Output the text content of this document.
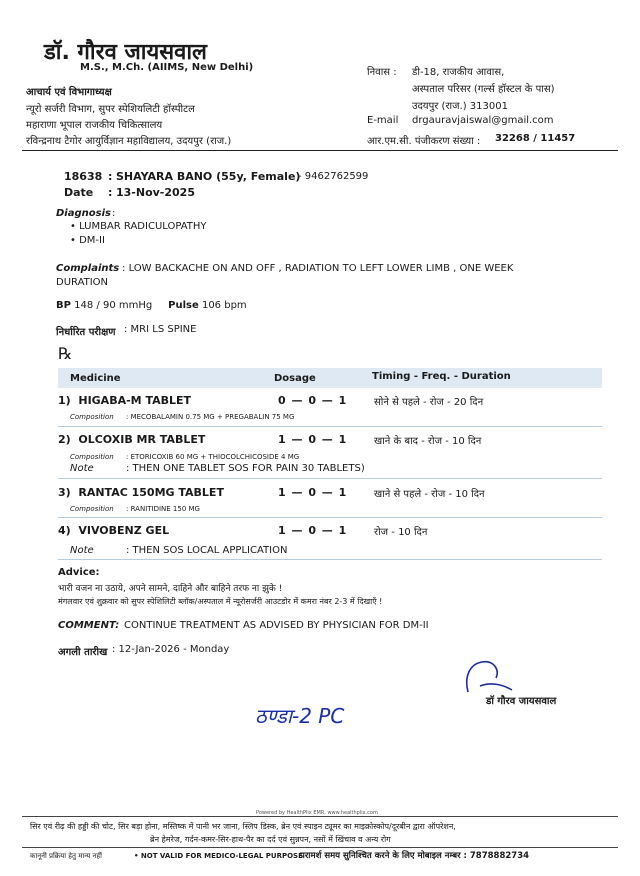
डॉ. गौरव जायसवाल
M.S., M.Ch. (AIIMS, New Delhi)
आचार्य एवं विभागाध्यक्ष
न्यूरो सर्जरी विभाग, सुपर स्पेशियलिटी हॉस्पीटल
महाराणा भूपाल राजकीय चिकित्सालय
रविन्द्रनाथ टैगोर आयुर्विज्ञान महाविद्यालय, उदयपुर (राज.)
निवास : डी-18, राजकीय आवास,
अस्पताल परिसर (गर्ल्स हॉस्टल के पास)
उदयपुर (राज.) 313001
E-mail drgauravjaiswal@gmail.com
आर.एम.सी. पंजीकरण संख्या : 32268 / 11457
18638 : SHAYARA BANO (55y, Female)
- 9462762599
Date : 13-Nov-2025
Diagnosis :
• LUMBAR RADICULOPATHY
• DM-II
Complaints : LOW BACKACHE ON AND OFF , RADIATION TO LEFT LOWER LIMB , ONE WEEK
DURATION
BP 148 / 90 mmHg Pulse 106 bpm
निर्धारित परीक्षण : MRI LS SPINE
℞
Medicine	Dosage	Timing - Freq. - Duration
1) HIGABA-M TABLET	0 — 0 — 1	सोने से पहले - रोज - 20 दिन
Composition : MECOBALAMIN 0.75 MG + PREGABALIN 75 MG
2) OLCOXIB MR TABLET	1 — 0 — 1	खाने के बाद - रोज - 10 दिन
Composition : ETORICOXIB 60 MG + THIOCOLCHICOSIDE 4 MG
Note	: THEN ONE TABLET SOS FOR PAIN 30 TABLETS)
3) RANTAC 150MG TABLET	1 — 0 — 1	खाने से पहले - रोज - 10 दिन
Composition : RANITIDINE 150 MG
4) VIVOBENZ GEL	1 — 0 — 1	रोज - 10 दिन
Note	: THEN SOS LOCAL APPLICATION
Advice:
भारी वजन ना उठाये, अपने सामने, दाहिने और बाहिने तरफ ना झुके !
मंगलवार एवं शुक्रवार को सुपर स्पेशिलिटी ब्लॉक/अस्पताल में न्यूरोसर्जरी आउटडोर में कमरा नंबर 2-3 में दिखाएँ !
COMMENT: CONTINUE TREATMENT AS ADVISED BY PHYSICIAN FOR DM-II
अगली तारीख : 12-Jan-2026 - Monday
डॉ गौरव जायसवाल
ठण्डा-2 PC
Powered by HealthPlix EMR, www.healthplix.com
सिर एवं रीढ़ की हड्डी की चोट, सिर बड़ा होना, मस्तिष्क में पानी भर जाना, स्लिप डिस्क, ब्रेन एवं स्पाइन ट्यूमर का माइक्रोस्कोप/दूरबीन द्वारा ऑपरेशन,
ब्रेन हेमरेज, गर्दन-कमर-सिर-हाथ-पैर का दर्द एवं सुन्नपन, नसों में खिंचाव व अन्य रोग
कानूनी प्रक्रिया हेतु मान्य नहीं	• NOT VALID FOR MEDICO-LEGAL PURPOSE
परामर्श समय सुनिश्चित करने के लिए मोबाइल नम्बर : 7878882734
